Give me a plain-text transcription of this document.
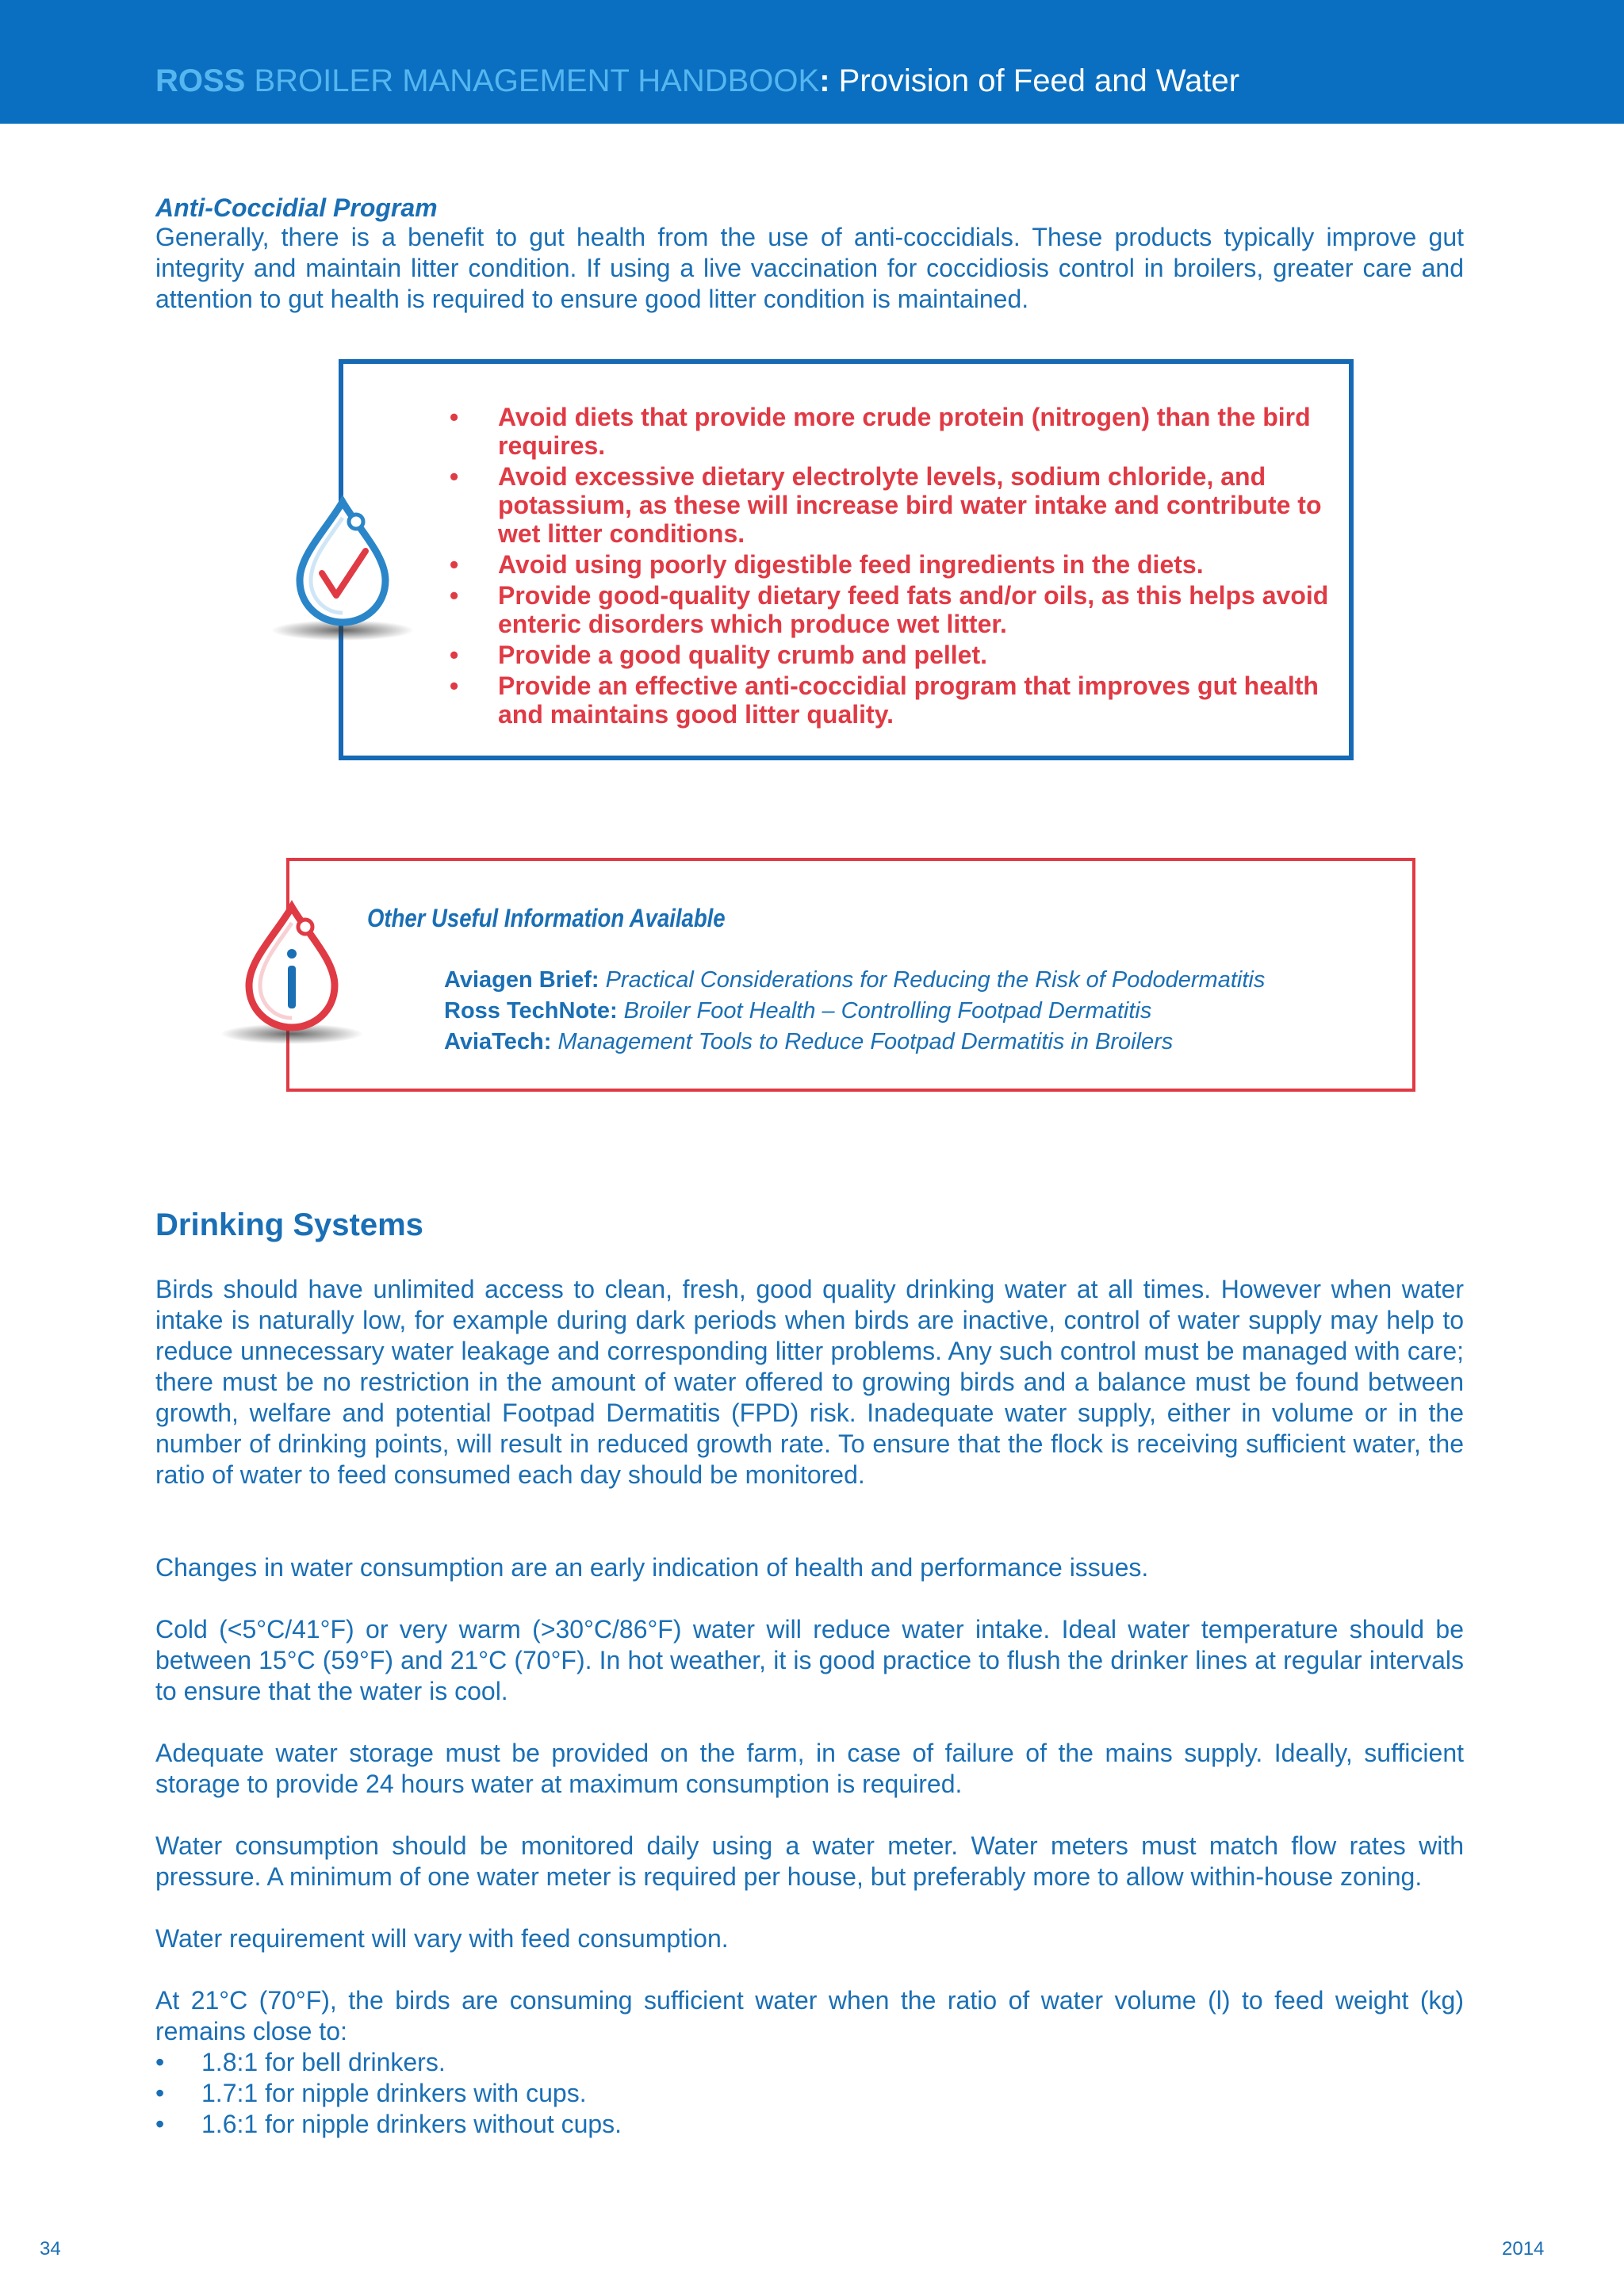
ROSS BROILER MANAGEMENT HANDBOOK: Provision of Feed and Water
Anti-Coccidial Program

Generally, there is a benefit to gut health from the use of anti-coccidials. These products typically improve gut integrity and maintain litter condition. If using a live vaccination for coccidiosis control in broilers, greater care and attention to gut health is required to ensure good litter condition is maintained.

• Avoid diets that provide more crude protein (nitrogen) than the bird requires.
• Avoid excessive dietary electrolyte levels, sodium chloride, and potassium, as these will increase bird water intake and contribute to wet litter conditions.
• Avoid using poorly digestible feed ingredients in the diets.
• Provide good-quality dietary feed fats and/or oils, as this helps avoid enteric disorders which produce wet litter.
• Provide a good quality crumb and pellet.
• Provide an effective anti-coccidial program that improves gut health and maintains good litter quality.
Other Useful Information Available
Aviagen Brief: Practical Considerations for Reducing the Risk of Pododermatitis
Ross TechNote: Broiler Foot Health – Controlling Footpad Dermatitis
AviaTech: Management Tools to Reduce Footpad Dermatitis in Broilers
Drinking Systems

Birds should have unlimited access to clean, fresh, good quality drinking water at all times. However when water intake is naturally low, for example during dark periods when birds are inactive, control of water supply may help to reduce unnecessary water leakage and corresponding litter problems. Any such control must be managed with care; there must be no restriction in the amount of water offered to growing birds and a balance must be found between growth, welfare and potential Footpad Dermatitis (FPD) risk. Inadequate water supply, either in volume or in the number of drinking points, will result in reduced growth rate. To ensure that the flock is receiving sufficient water, the ratio of water to feed consumed each day should be monitored.

Changes in water consumption are an early indication of health and performance issues.

Cold (<5°C/41°F) or very warm (>30°C/86°F) water will reduce water intake. Ideal water temperature should be between 15°C (59°F) and 21°C (70°F). In hot weather, it is good practice to flush the drinker lines at regular intervals to ensure that the water is cool.

Adequate water storage must be provided on the farm, in case of failure of the mains supply. Ideally, sufficient storage to provide 24 hours water at maximum consumption is required.

Water consumption should be monitored daily using a water meter. Water meters must match flow rates with pressure. A minimum of one water meter is required per house, but preferably more to allow within-house zoning.

Water requirement will vary with feed consumption.

At 21°C (70°F), the birds are consuming sufficient water when the ratio of water volume (l) to feed weight (kg) remains close to:

• 1.8:1 for bell drinkers.
• 1.7:1 for nipple drinkers with cups.
• 1.6:1 for nipple drinkers without cups.
34	2014
